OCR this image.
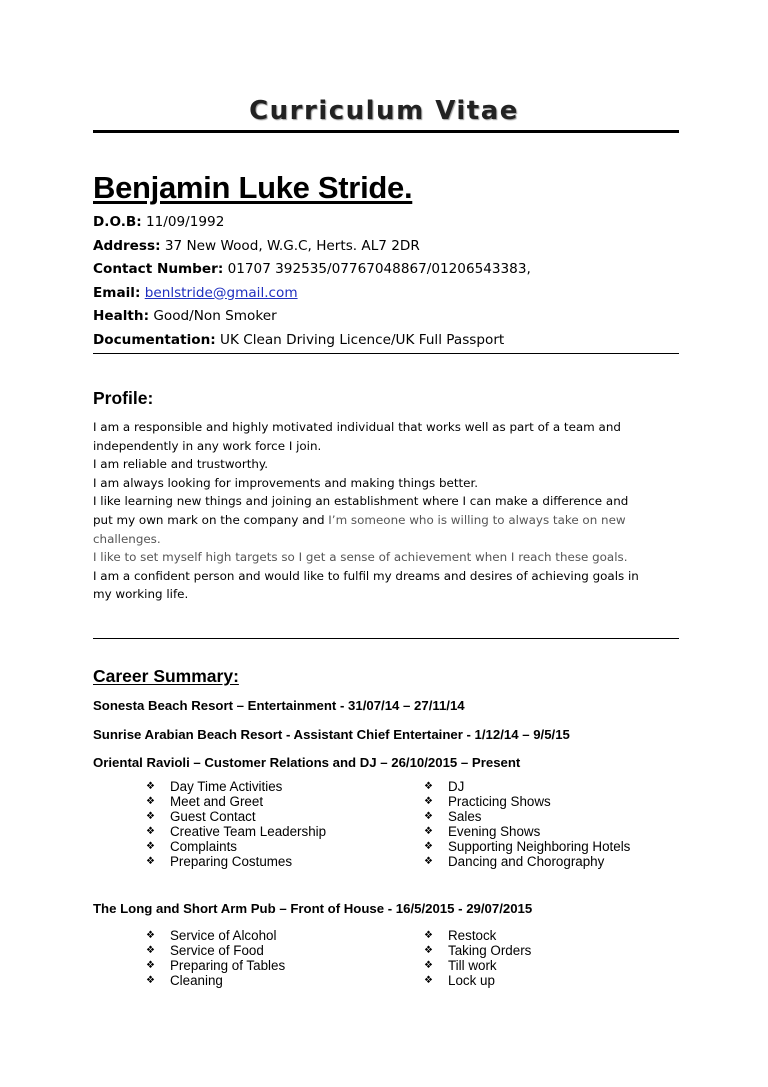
Curriculum Vitae
Benjamin Luke Stride.
D.O.B: 11/09/1992
Address: 37 New Wood, W.G.C, Herts. AL7 2DR
Contact Number: 01707 392535/07767048867/01206543383,
Email: benlstride@gmail.com
Health: Good/Non Smoker
Documentation: UK Clean Driving Licence/UK Full Passport
Profile:
I am a responsible and highly motivated individual that works well as part of a team and
independently in any work force I join.
I am reliable and trustworthy.
I am always looking for improvements and making things better.
I like learning new things and joining an establishment where I can make a difference and
put my own mark on the company and I’m someone who is willing to always take on new
challenges.
I like to set myself high targets so I get a sense of achievement when I reach these goals.
I am a confident person and would like to fulfil my dreams and desires of achieving goals in
my working life.
Career Summary:
Sonesta Beach Resort – Entertainment - 31/07/14 – 27/11/14
Sunrise Arabian Beach Resort - Assistant Chief Entertainer - 1/12/14 – 9/5/15
Oriental Ravioli – Customer Relations and DJ – 26/10/2015 – Present
❖ Day Time Activities
❖ Meet and Greet
❖ Guest Contact
❖ Creative Team Leadership
❖ Complaints
❖ Preparing Costumes
❖ DJ
❖ Practicing Shows
❖ Sales
❖ Evening Shows
❖ Supporting Neighboring Hotels
❖ Dancing and Chorography
The Long and Short Arm Pub – Front of House - 16/5/2015 - 29/07/2015
❖ Service of Alcohol
❖ Service of Food
❖ Preparing of Tables
❖ Cleaning
❖ Restock
❖ Taking Orders
❖ Till work
❖ Lock up
